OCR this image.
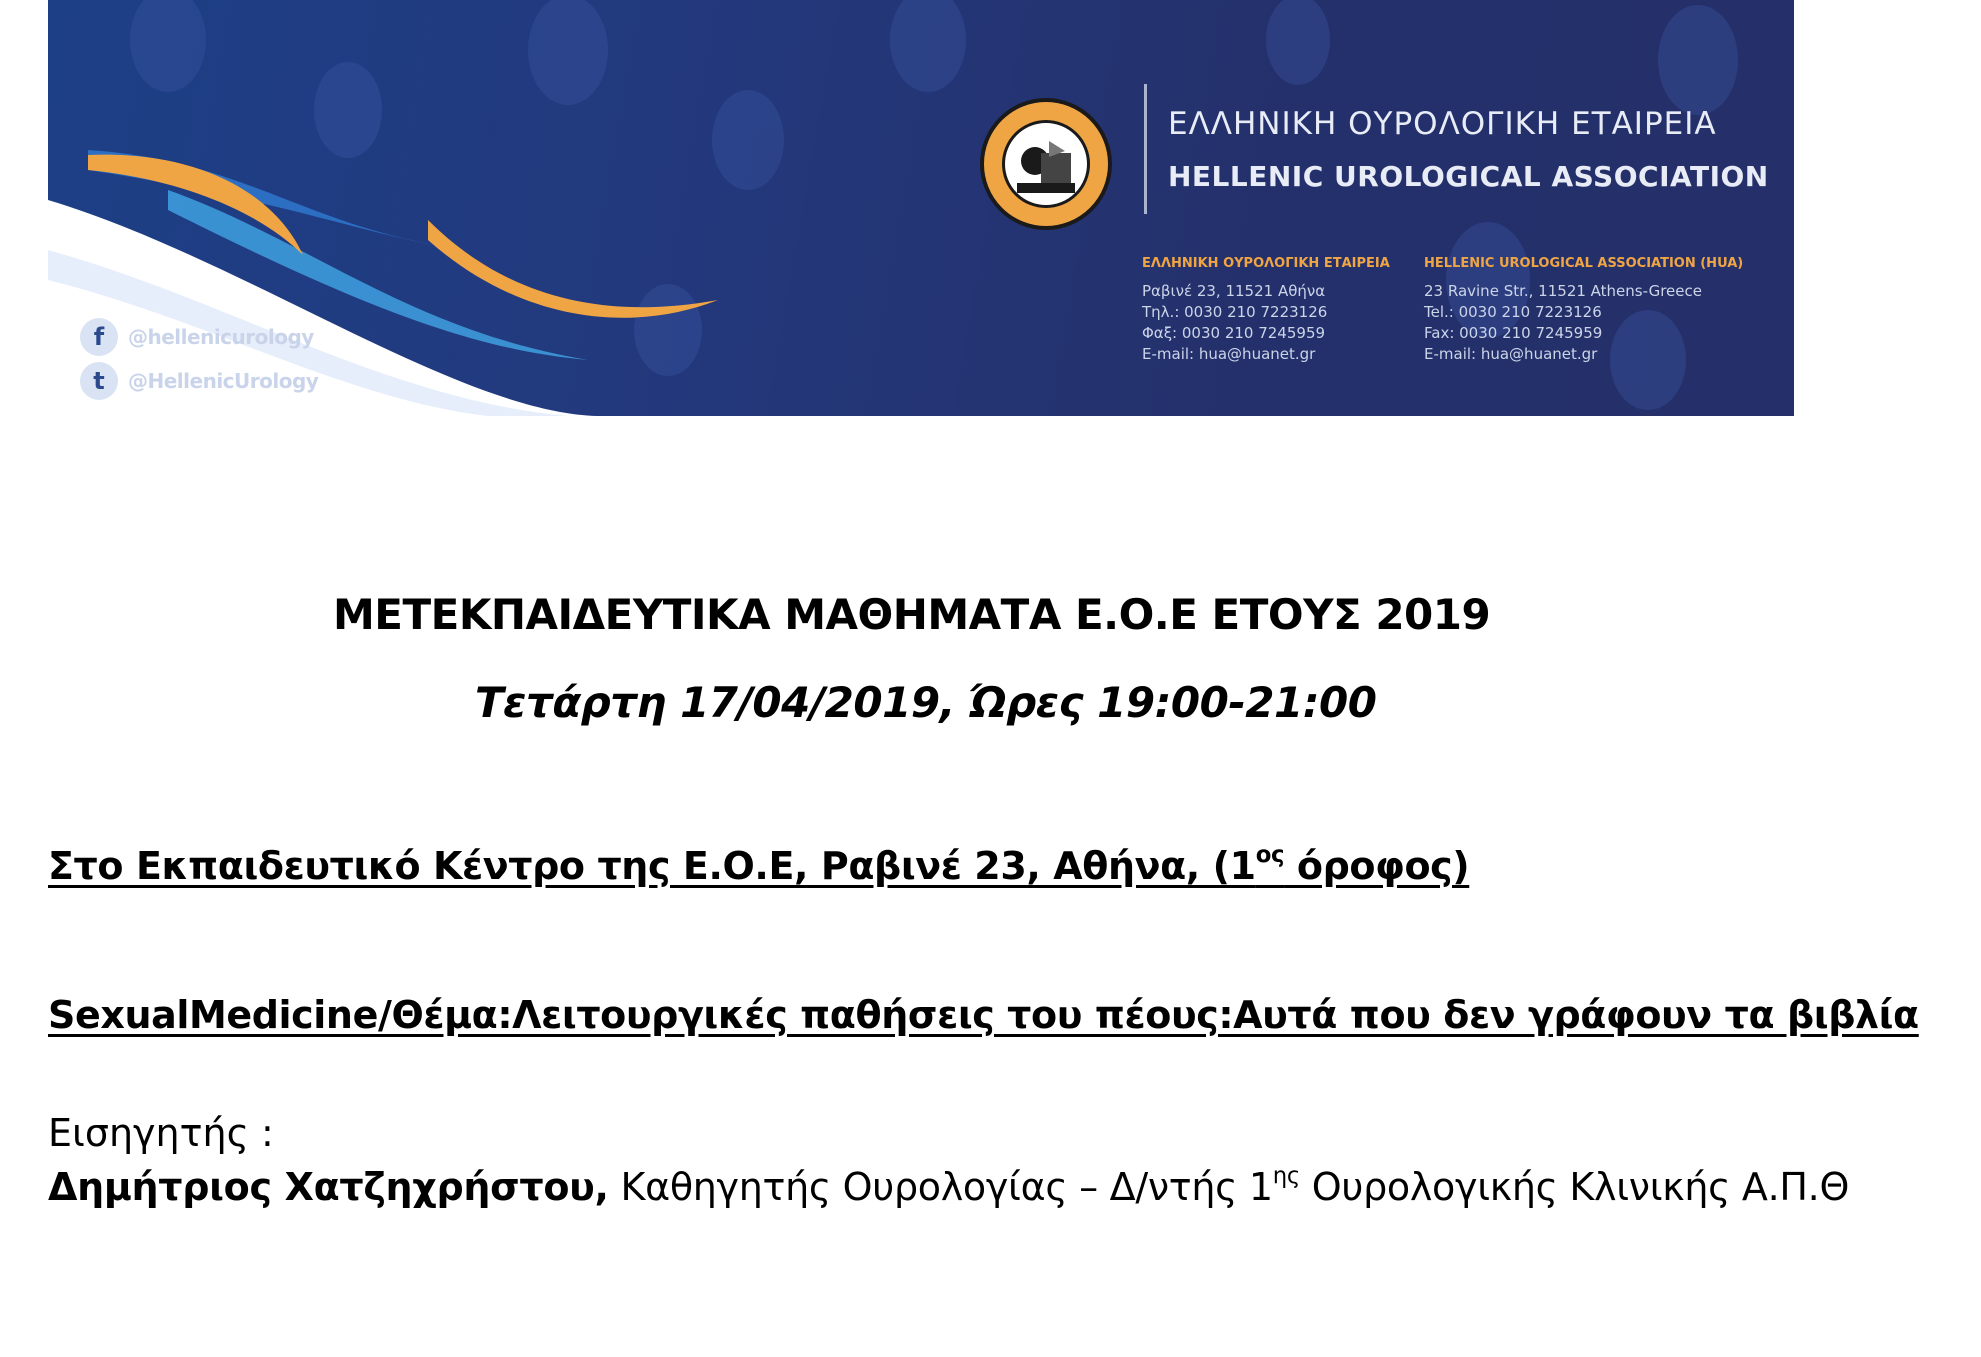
f	@hellenicurology
t	@HellenicUrology
ΕΛΛΗΝΙΚΗ ΟΥΡΟΛΟΓΙΚΗ ΕΤΑΙΡΕΙΑ
HELLENIC UROLOGICAL ASSOCIATION
ΕΛΛΗΝΙΚΗ ΟΥΡΟΛΟΓΙΚΗ ΕΤΑΙΡΕΙΑ
Ραβινέ 23, 11521 Αθήνα
Τηλ.: 0030 210 7223126
Φαξ: 0030 210 7245959
E-mail: hua@huanet.gr
HELLENIC UROLOGICAL ASSOCIATION (HUA)
23 Ravine Str., 11521 Athens-Greece
Tel.: 0030 210 7223126
Fax: 0030 210 7245959
E-mail: hua@huanet.gr
ΜΕΤΕΚΠΑΙΔΕΥΤΙΚΑ ΜΑΘΗΜΑΤΑ Ε.Ο.Ε ΕΤΟΥΣ 2019
Τετάρτη 17/04/2019, Ώρες 19:00-21:00
Στο Εκπαιδευτικό Κέντρο της Ε.Ο.Ε, Ραβινέ 23, Αθήνα, ($1^{o\varsigma}$ όροφος)
SexualMedicine/Θέμα:Λειτουργικές παθήσεις του πέους:Αυτά που δεν γράφουν τα βιβλία
Εισηγητής :
Δημήτριος Χατζηχρήστου, Καθηγητής Ουρολογίας – Δ/ντής $1^{\eta\varsigma}$ Ουρολογικής Κλινικής Α.Π.Θ
